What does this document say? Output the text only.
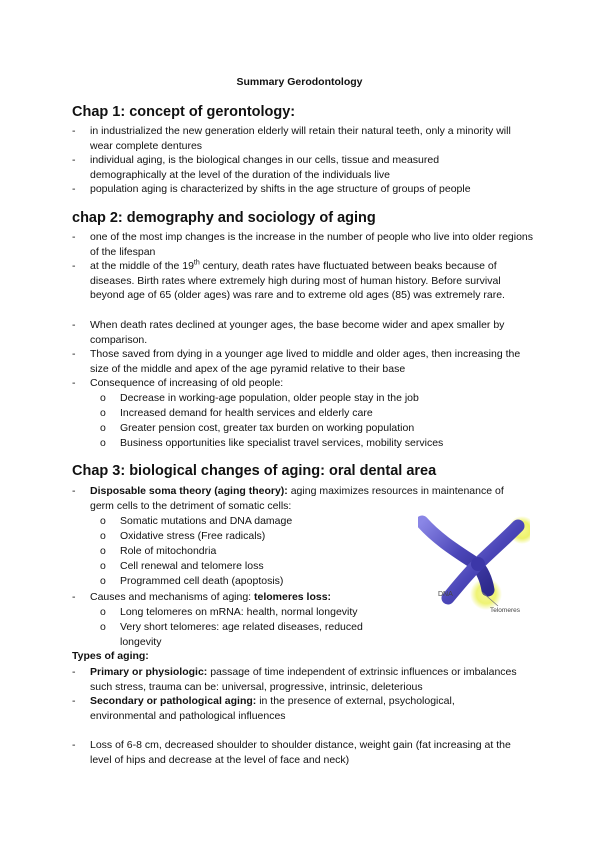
Summary Gerodontology
Chap 1: concept of gerontology:
-	in industrialized the new generation elderly will retain their natural teeth, only a minority will wear complete dentures
-	individual aging, is the biological changes in our cells, tissue and measured demographically at the level of the duration of the individuals live
-	population aging is characterized by shifts in the age structure of groups of people
chap 2: demography and sociology of aging
-	one of the most imp changes is the increase in the number of people who live into older regions of the lifespan
-	at the middle of the 19th century, death rates have fluctuated between beaks because of diseases. Birth rates where extremely high during most of human history. Before survival beyond age of 65 (older ages) was rare and to extreme old ages (85) was extremely rare.
-	When death rates declined at younger ages, the base become wider and apex smaller by comparison.
-	Those saved from dying in a younger age lived to middle and older ages, then increasing the size of the middle and apex of the age pyramid relative to their base
-	Consequence of increasing of old people:
o	Decrease in working-age population, older people stay in the job
o	Increased demand for health services and elderly care
o	Greater pension cost, greater tax burden on working population
o	Business opportunities like specialist travel services, mobility services
Chap 3: biological changes of aging: oral dental area
-	Disposable soma theory (aging theory): aging maximizes resources in maintenance of germ cells to the detriment of somatic cells:
o	Somatic mutations and DNA damage
o	Oxidative stress (Free radicals)
o	Role of mitochondria
o	Cell renewal and telomere loss
o	Programmed cell death (apoptosis)
-	Causes and mechanisms of aging: telomeres loss:
o	Long telomeres on mRNA: health, normal longevity
o	Very short telomeres: age related diseases, reduced longevity
Types of aging:
-	Primary or physiologic: passage of time independent of extrinsic influences or imbalances such stress, trauma can be: universal, progressive, intrinsic, deleterious
-	Secondary or pathological aging: in the presence of external, psychological, environmental and pathological influences
-	Loss of 6-8 cm, decreased shoulder to shoulder distance, weight gain (fat increasing at the level of hips and decrease at the level of face and neck)
DNA
Telomeres
